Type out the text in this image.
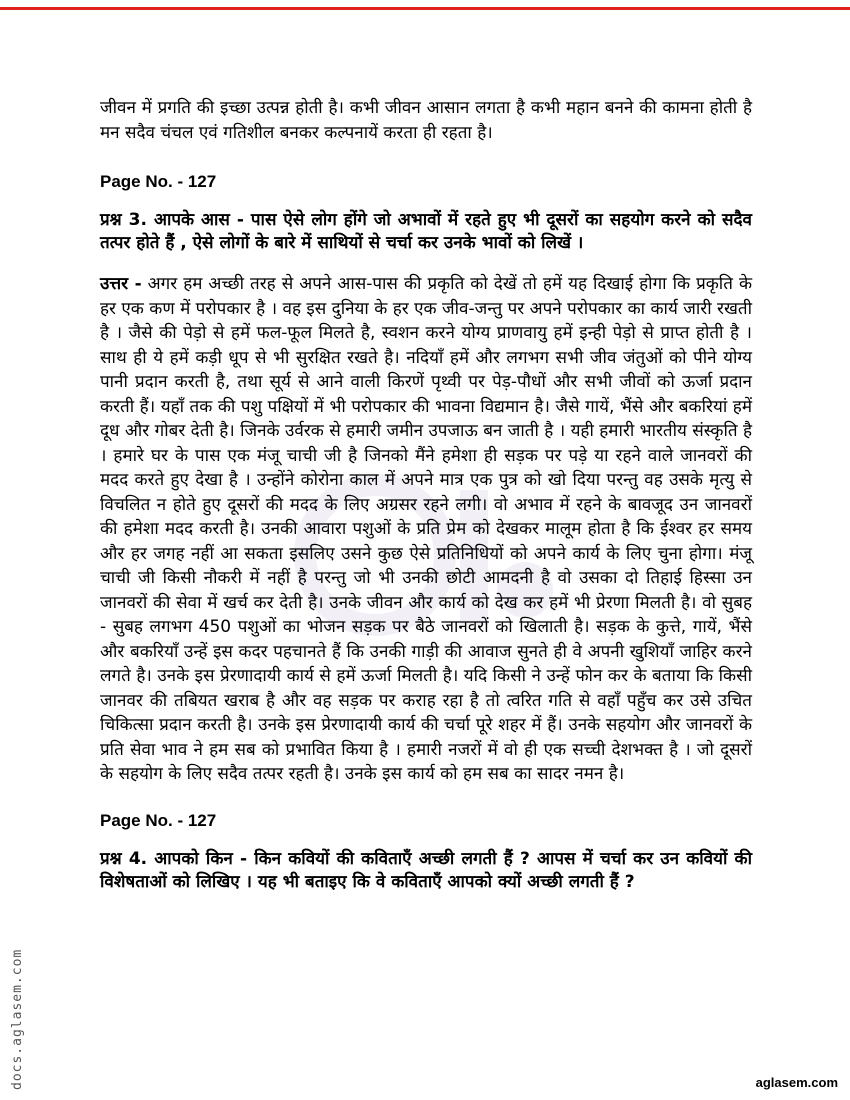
जीवन में प्रगति की इच्छा उत्पन्न होती है। कभी जीवन आसान लगता है कभी महान बनने की कामना होती है मन सदैव चंचल एवं गतिशील बनकर कल्पनायें करता ही रहता है।

Page No. - 127

प्रश्न 3. आपके आस - पास ऐसे लोग होंगे जो अभावों में रहते हुए भी दूसरों का सहयोग करने को सदैव तत्पर होते हैं , ऐसे लोगों के बारे में साथियों से चर्चा कर उनके भावों को लिखें ।

उत्तर - अगर हम अच्छी तरह से अपने आस-पास की प्रकृति को देखें तो हमें यह दिखाई होगा कि प्रकृति के हर एक कण में परोपकार है । वह इस दुनिया के हर एक जीव-जन्तु पर अपने परोपकार का कार्य जारी रखती है । जैसे की पेड़ो से हमें फल-फूल मिलते है, स्वशन करने योग्य प्राणवायु हमें इन्ही पेड़ो से प्राप्त होती है । साथ ही ये हमें कड़ी धूप से भी सुरक्षित रखते है। नदियाँ हमें और लगभग सभी जीव जंतुओं को पीने योग्य पानी प्रदान करती है, तथा सूर्य से आने वाली किरणें पृथ्वी पर पेड़-पौधों और सभी जीवों को ऊर्जा प्रदान करती हैं। यहाँ तक की पशु पक्षियों में भी परोपकार की भावना विद्यमान है। जैसे गायें, भैंसे और बकरियां हमें दूध और गोबर देती है। जिनके उर्वरक से हमारी जमीन उपजाऊ बन जाती है । यही हमारी भारतीय संस्कृति है । हमारे घर के पास एक मंजू चाची जी है जिनको मैंने हमेशा ही सड़क पर पड़े या रहने वाले जानवरों की मदद करते हुए देखा है । उन्होंने कोरोना काल में अपने मात्र एक पुत्र को खो दिया परन्तु वह उसके मृत्यु से विचलित न होते हुए दूसरों की मदद के लिए अग्रसर रहने लगी। वो अभाव में रहने के बावजूद उन जानवरों की हमेशा मदद करती है। उनकी आवारा पशुओं के प्रति प्रेम को देखकर मालूम होता है कि ईश्वर हर समय और हर जगह नहीं आ सकता इसलिए उसने कुछ ऐसे प्रतिनिधियों को अपने कार्य के लिए चुना होगा। मंजू चाची जी किसी नौकरी में नहीं है परन्तु जो भी उनकी छोटी आमदनी है वो उसका दो तिहाई हिस्सा उन जानवरों की सेवा में खर्च कर देती है। उनके जीवन और कार्य को देख कर हमें भी प्रेरणा मिलती है। वो सुबह - सुबह लगभग 450 पशुओं का भोजन सड़क पर बैठे जानवरों को खिलाती है। सड़क के कुत्ते, गायें, भैंसे और बकरियाँ उन्हें इस कदर पहचानते हैं कि उनकी गाड़ी की आवाज सुनते ही वे अपनी खुशियाँ जाहिर करने लगते है। उनके इस प्रेरणादायी कार्य से हमें ऊर्जा मिलती है। यदि किसी ने उन्हें फोन कर के बताया कि किसी जानवर की तबियत खराब है और वह सड़क पर कराह रहा है तो त्वरित गति से वहाँ पहुँच कर उसे उचित चिकित्सा प्रदान करती है। उनके इस प्रेरणादायी कार्य की चर्चा पूरे शहर में हैं। उनके सहयोग और जानवरों के प्रति सेवा भाव ने हम सब को प्रभावित किया है । हमारी नजरों में वो ही एक सच्ची देशभक्त है । जो दूसरों के सहयोग के लिए सदैव तत्पर रहती है। उनके इस कार्य को हम सब का सादर नमन है।

Page No. - 127

प्रश्न 4. आपको किन - किन कवियों की कविताएँ अच्छी लगती हैं ? आपस में चर्चा कर उन कवियों की विशेषताओं को लिखिए । यह भी बताइए कि वे कविताएँ आपको क्यों अच्छी लगती हैं ?

docs.aglasem.com	aglasem.com
